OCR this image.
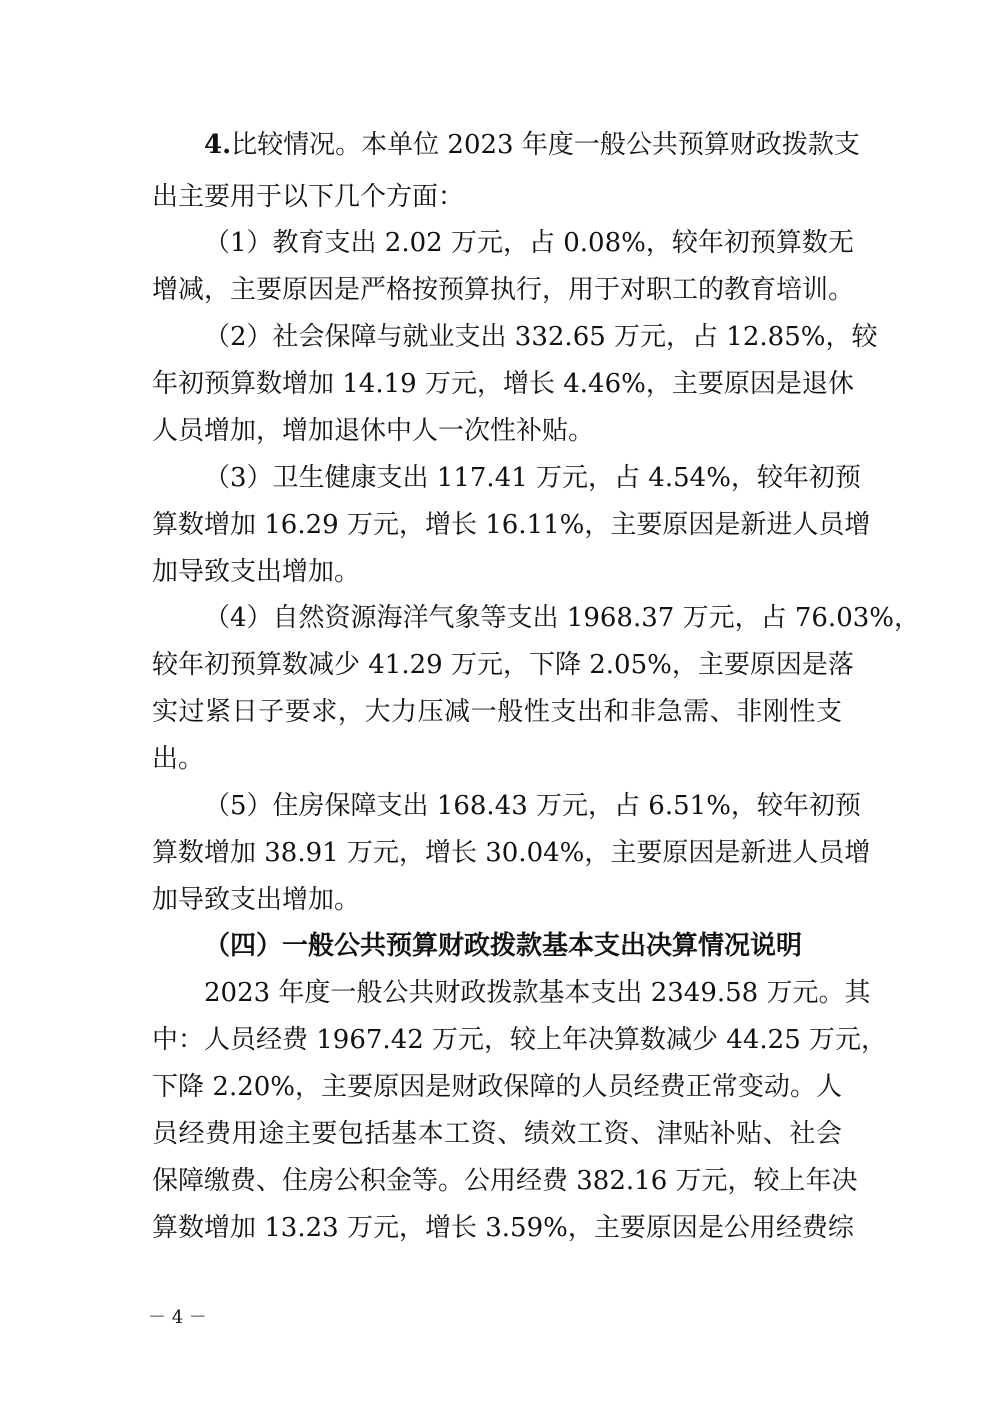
4.比较情况。本单位 2023 年度一般公共预算财政拨款支
出主要用于以下几个方面：
（1）教育支出 2.02 万元，占 0.08%，较年初预算数无
增减，主要原因是严格按预算执行，用于对职工的教育培训。
（2）社会保障与就业支出 332.65 万元，占 12.85%，较
年初预算数增加 14.19 万元，增长 4.46%，主要原因是退休
人员增加，增加退休中人一次性补贴。
（3）卫生健康支出 117.41 万元，占 4.54%，较年初预
算数增加 16.29 万元，增长 16.11%，主要原因是新进人员增
加导致支出增加。
（4）自然资源海洋气象等支出 1968.37 万元，占 76.03%，
较年初预算数减少 41.29 万元，下降 2.05%，主要原因是落
实过紧日子要求，大力压减一般性支出和非急需、非刚性支
出。
（5）住房保障支出 168.43 万元，占 6.51%，较年初预
算数增加 38.91 万元，增长 30.04%，主要原因是新进人员增
加导致支出增加。
（四）一般公共预算财政拨款基本支出决算情况说明
2023 年度一般公共财政拨款基本支出 2349.58 万元。其
中：人员经费 1967.42 万元，较上年决算数减少 44.25 万元，
下降 2.20%，主要原因是财政保障的人员经费正常变动。人
员经费用途主要包括基本工资、绩效工资、津贴补贴、社会
保障缴费、住房公积金等。公用经费 382.16 万元，较上年决
算数增加 13.23 万元，增长 3.59%，主要原因是公用经费综
－ 4 －
